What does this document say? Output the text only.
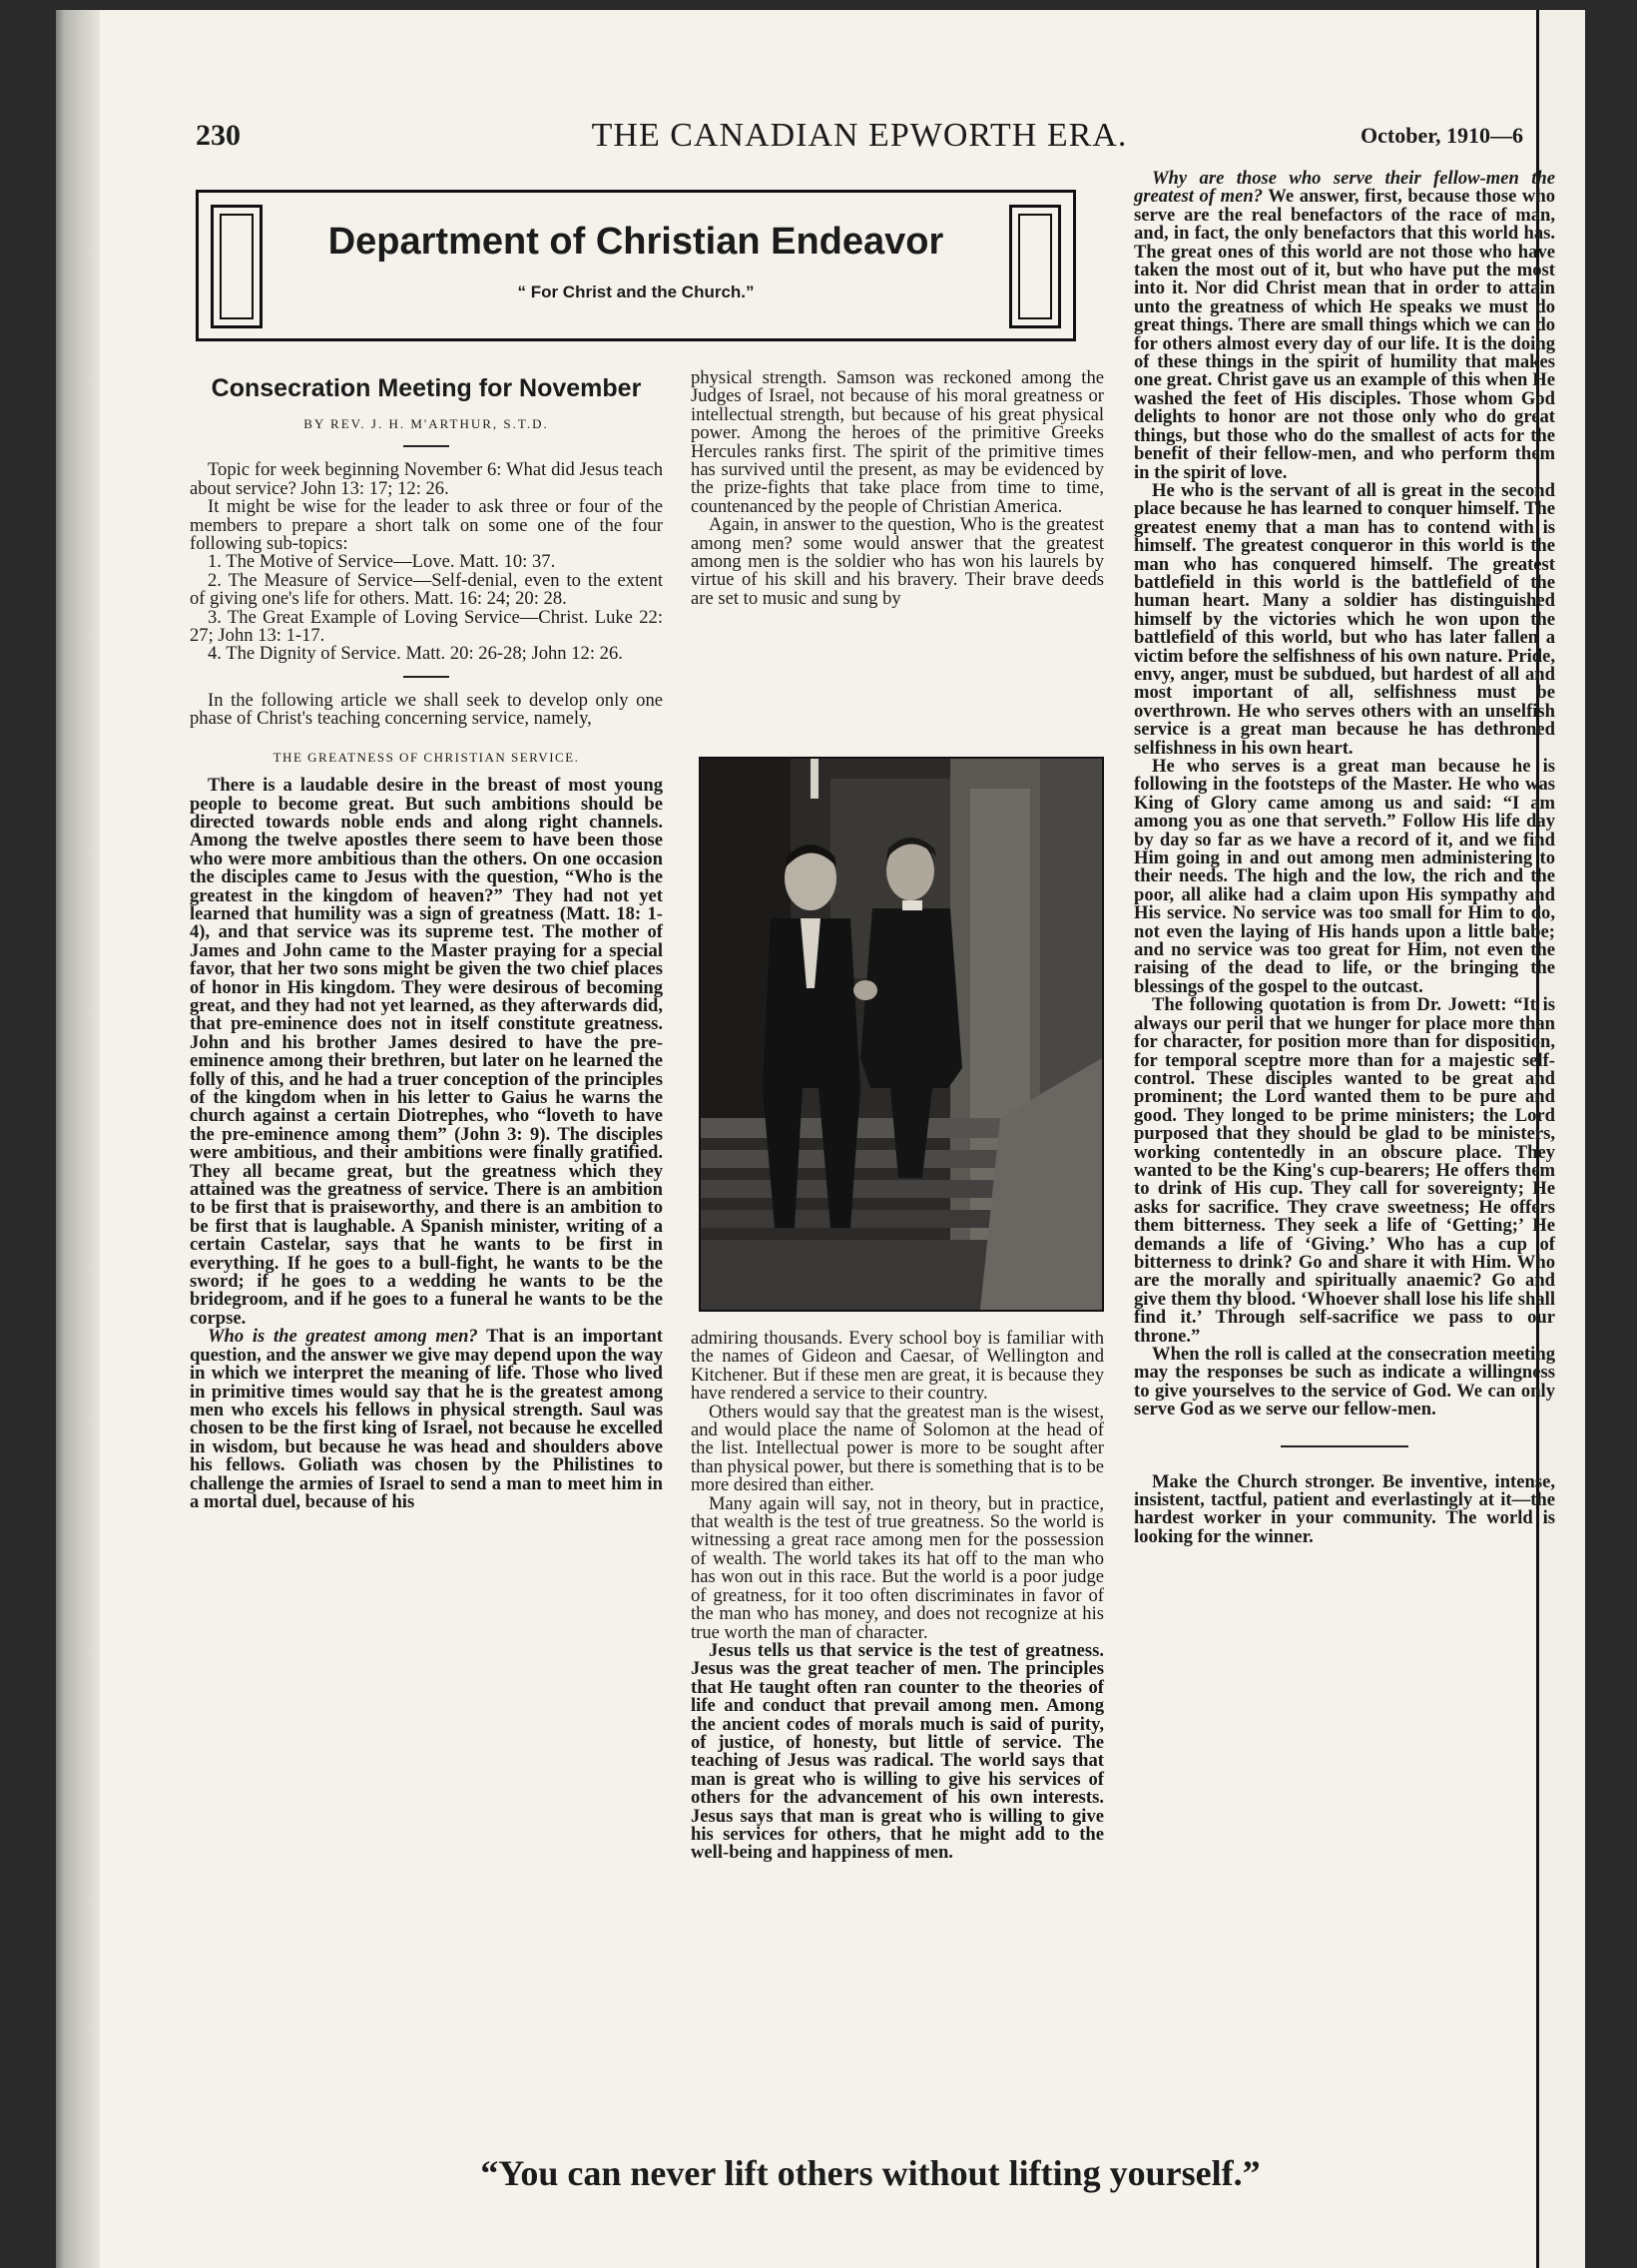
230	THE CANADIAN EPWORTH ERA.	October, 1910—6
Department of Christian Endeavor
“ For Christ and the Church.”
Consecration Meeting for November
BY REV. J. H. M'ARTHUR, S.T.D.

Topic for week beginning November 6: What did Jesus teach about service? John 13: 17; 12: 26.

It might be wise for the leader to ask three or four of the members to prepare a short talk on some one of the four following sub-topics:

1. The Motive of Service—Love. Matt. 10: 37.

2. The Measure of Service—Self-denial, even to the extent of giving one's life for others. Matt. 16: 24; 20: 28.

3. The Great Example of Loving Service—Christ. Luke 22: 27; John 13: 1-17.

4. The Dignity of Service. Matt. 20: 26-28; John 12: 26.

In the following article we shall seek to develop only one phase of Christ's teaching concerning service, namely,

THE GREATNESS OF CHRISTIAN SERVICE.

There is a laudable desire in the breast of most young people to become great. But such ambitions should be directed towards noble ends and along right channels. Among the twelve apostles there seem to have been those who were more ambitious than the others. On one occasion the disciples came to Jesus with the question, “Who is the greatest in the kingdom of heaven?” They had not yet learned that humility was a sign of greatness (Matt. 18: 1-4), and that service was its supreme test. The mother of James and John came to the Master praying for a special favor, that her two sons might be given the two chief places of honor in His kingdom. They were desirous of becoming great, and they had not yet learned, as they afterwards did, that pre-eminence does not in itself constitute greatness. John and his brother James desired to have the pre-eminence among their brethren, but later on he learned the folly of this, and he had a truer conception of the principles of the kingdom when in his letter to Gaius he warns the church against a certain Diotrephes, who “loveth to have the pre-eminence among them” (John 3: 9). The disciples were ambitious, and their ambitions were finally gratified. They all became great, but the greatness which they attained was the greatness of service. There is an ambition to be first that is praiseworthy, and there is an ambition to be first that is laughable. A Spanish minister, writing of a certain Castelar, says that he wants to be first in everything. If he goes to a bull-fight, he wants to be the sword; if he goes to a wedding he wants to be the bridegroom, and if he goes to a funeral he wants to be the corpse.

Who is the greatest among men? That is an important question, and the answer we give may depend upon the way in which we interpret the meaning of life. Those who lived in primitive times would say that he is the greatest among men who excels his fellows in physical strength. Saul was chosen to be the first king of Israel, not because he excelled in wisdom, but because he was head and shoulders above his fellows. Goliath was chosen by the Philistines to challenge the armies of Israel to send a man to meet him in a mortal duel, because of his

physical strength. Samson was reckoned among the Judges of Israel, not because of his moral greatness or intellectual strength, but because of his great physical power. Among the heroes of the primitive Greeks Hercules ranks first. The spirit of the primitive times has survived until the present, as may be evidenced by the prize-fights that take place from time to time, countenanced by the people of Christian America.

Again, in answer to the question, Who is the greatest among men? some would answer that the greatest among men is the soldier who has won his laurels by virtue of his skill and his bravery. Their brave deeds are set to music and sung by

admiring thousands. Every school boy is familiar with the names of Gideon and Caesar, of Wellington and Kitchener. But if these men are great, it is because they have rendered a service to their country.

Others would say that the greatest man is the wisest, and would place the name of Solomon at the head of the list. Intellectual power is more to be sought after than physical power, but there is something that is to be more desired than either.

Many again will say, not in theory, but in practice, that wealth is the test of true greatness. So the world is witnessing a great race among men for the possession of wealth. The world takes its hat off to the man who has won out in this race. But the world is a poor judge of greatness, for it too often discriminates in favor of the man who has money, and does not recognize at his true worth the man of character.

Jesus tells us that service is the test of greatness. Jesus was the great teacher of men. The principles that He taught often ran counter to the theories of life and conduct that prevail among men. Among the ancient codes of morals much is said of purity, of justice, of honesty, but little of service. The teaching of Jesus was radical. The world says that man is great who is willing to give his services of others for the advancement of his own interests. Jesus says that man is great who is willing to give his services for others, that he might add to the well-being and happiness of men.

Why are those who serve their fellow-men the greatest of men? We answer, first, because those who serve are the real benefactors of the race of man, and, in fact, the only benefactors that this world has. The great ones of this world are not those who have taken the most out of it, but who have put the most into it. Nor did Christ mean that in order to attain unto the greatness of which He speaks we must do great things. There are small things which we can do for others almost every day of our life. It is the doing of these things in the spirit of humility that makes one great. Christ gave us an example of this when He washed the feet of His disciples. Those whom God delights to honor are not those only who do great things, but those who do the smallest of acts for the benefit of their fellow-men, and who perform them in the spirit of love.

He who is the servant of all is great in the second place because he has learned to conquer himself. The greatest enemy that a man has to contend with is himself. The greatest conqueror in this world is the man who has conquered himself. The greatest battlefield in this world is the battlefield of the human heart. Many a soldier has distinguished himself by the victories which he won upon the battlefield of this world, but who has later fallen a victim before the selfishness of his own nature. Pride, envy, anger, must be subdued, but hardest of all and most important of all, selfishness must be overthrown. He who serves others with an unselfish service is a great man because he has dethroned selfishness in his own heart.

He who serves is a great man because he is following in the footsteps of the Master. He who was King of Glory came among us and said: “I am among you as one that serveth.” Follow His life day by day so far as we have a record of it, and we find Him going in and out among men administering to their needs. The high and the low, the rich and the poor, all alike had a claim upon His sympathy and His service. No service was too small for Him to do, not even the laying of His hands upon a little babe; and no service was too great for Him, not even the raising of the dead to life, or the bringing the blessings of the gospel to the outcast.

The following quotation is from Dr. Jowett: “It is always our peril that we hunger for place more than for character, for position more than for disposition, for temporal sceptre more than for a majestic self-control. These disciples wanted to be great and prominent; the Lord wanted them to be pure and good. They longed to be prime ministers; the Lord purposed that they should be glad to be ministers, working contentedly in an obscure place. They wanted to be the King's cup-bearers; He offers them to drink of His cup. They call for sovereignty; He asks for sacrifice. They crave sweetness; He offers them bitterness. They seek a life of ‘Getting;’ He demands a life of ‘Giving.’ Who has a cup of bitterness to drink? Go and share it with Him. Who are the morally and spiritually anaemic? Go and give them thy blood. ‘Whoever shall lose his life shall find it.’ Through self-sacrifice we pass to our throne.”

When the roll is called at the consecration meeting may the responses be such as indicate a willingness to give yourselves to the service of God. We can only serve God as we serve our fellow-men.

Make the Church stronger. Be inventive, intense, insistent, tactful, patient and everlastingly at it—the hardest worker in your community. The world is looking for the winner.

“You can never lift others without lifting yourself.”
